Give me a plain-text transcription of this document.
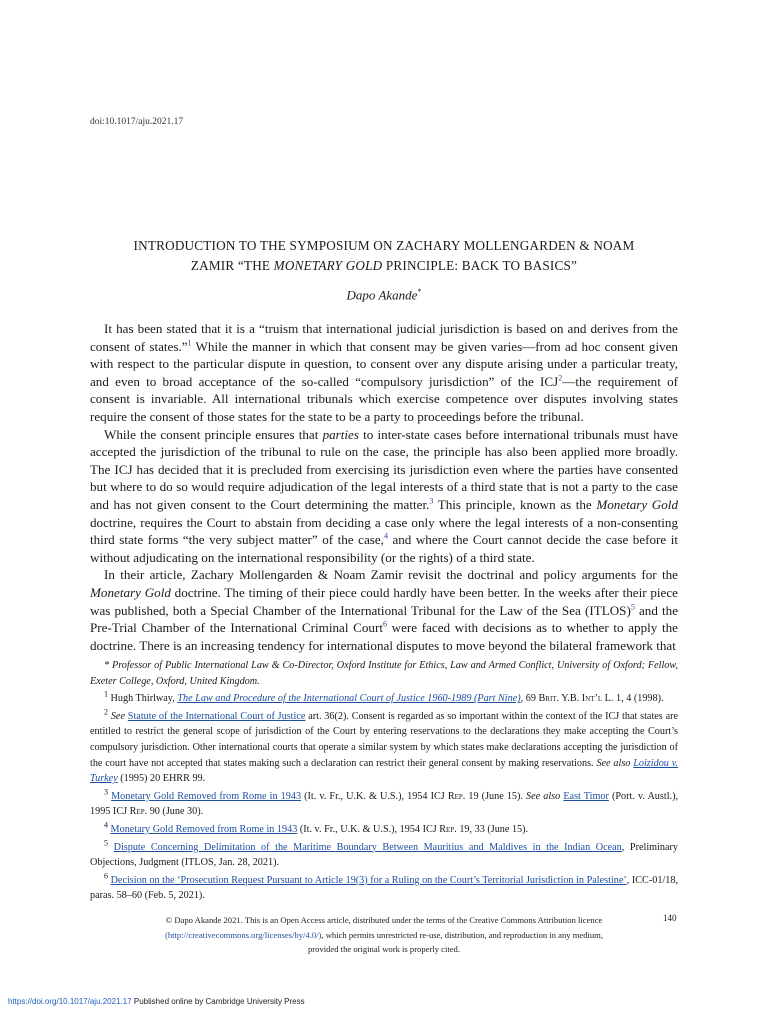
doi:10.1017/aju.2021.17
INTRODUCTION TO THE SYMPOSIUM ON ZACHARY MOLLENGARDEN & NOAM
ZAMIR “THE MONETARY GOLD PRINCIPLE: BACK TO BASICS”
Dapo Akande*

It has been stated that it is a “truism that international judicial jurisdiction is based on and derives from the consent of states.”$^1$ While the manner in which that consent may be given varies—from ad hoc consent given with respect to the particular dispute in question, to consent over any dispute arising under a particular treaty, and even to broad acceptance of the so-called “compulsory jurisdiction” of the ICJ$^2$—the requirement of consent is invariable. All international tribunals which exercise competence over disputes involving states require the consent of those states for the state to be a party to proceedings before the tribunal.

While the consent principle ensures that parties to inter-state cases before international tribunals must have accepted the jurisdiction of the tribunal to rule on the case, the principle has also been applied more broadly. The ICJ has decided that it is precluded from exercising its jurisdiction even where the parties have consented but where to do so would require adjudication of the legal interests of a third state that is not a party to the case and has not given consent to the Court determining the matter.$^3$ This principle, known as the Monetary Gold doctrine, requires the Court to abstain from deciding a case only where the legal interests of a non-consenting third state forms “the very subject matter” of the case,$^4$ and where the Court cannot decide the case before it without adjudicating on the international responsibility (or the rights) of a third state.

In their article, Zachary Mollengarden & Noam Zamir revisit the doctrinal and policy arguments for the Monetary Gold doctrine. The timing of their piece could hardly have been better. In the weeks after their piece was published, both a Special Chamber of the International Tribunal for the Law of the Sea (ITLOS)$^5$ and the Pre-Trial Chamber of the International Criminal Court$^6$ were faced with decisions as to whether to apply the doctrine. There is an increasing tendency for international disputes to move beyond the bilateral framework that

* Professor of Public International Law & Co-Director, Oxford Institute for Ethics, Law and Armed Conflict, University of Oxford; Fellow, Exeter College, Oxford, United Kingdom.

$^1$ Hugh Thirlway, The Law and Procedure of the International Court of Justice 1960-1989 (Part Nine), 69 Brit. Y.B. Int’l L. 1, 4 (1998).

$^2$ See Statute of the International Court of Justice art. 36(2). Consent is regarded as so important within the context of the ICJ that states are entitled to restrict the general scope of jurisdiction of the Court by entering reservations to the declarations they make accepting the Court’s compulsory jurisdiction. Other international courts that operate a similar system by which states make declarations accepting the jurisdiction of the court have not accepted that states making such a declaration can restrict their general consent by making reservations. See also Loizidou v. Turkey (1995) 20 EHRR 99.

$^3$ Monetary Gold Removed from Rome in 1943 (It. v. Fr., U.K. & U.S.), 1954 ICJ Rep. 19 (June 15). See also East Timor (Port. v. Austl.), 1995 ICJ Rep. 90 (June 30).

$^4$ Monetary Gold Removed from Rome in 1943 (It. v. Fr., U.K. & U.S.), 1954 ICJ Rep. 19, 33 (June 15).

$^5$ Dispute Concerning Delimitation of the Maritime Boundary Between Mauritius and Maldives in the Indian Ocean, Preliminary Objections, Judgment (ITLOS, Jan. 28, 2021).

$^6$ Decision on the ‘Prosecution Request Pursuant to Article 19(3) for a Ruling on the Court’s Territorial Jurisdiction in Palestine’, ICC-01/18, paras. 58–60 (Feb. 5, 2021).

© Dapo Akande 2021. This is an Open Access article, distributed under the terms of the Creative Commons Attribution licence
(http://creativecommons.org/licenses/by/4.0/), which permits unrestricted re-use, distribution, and reproduction in any medium,
provided the original work is properly cited.
140
https://doi.org/10.1017/aju.2021.17 Published online by Cambridge University Press
